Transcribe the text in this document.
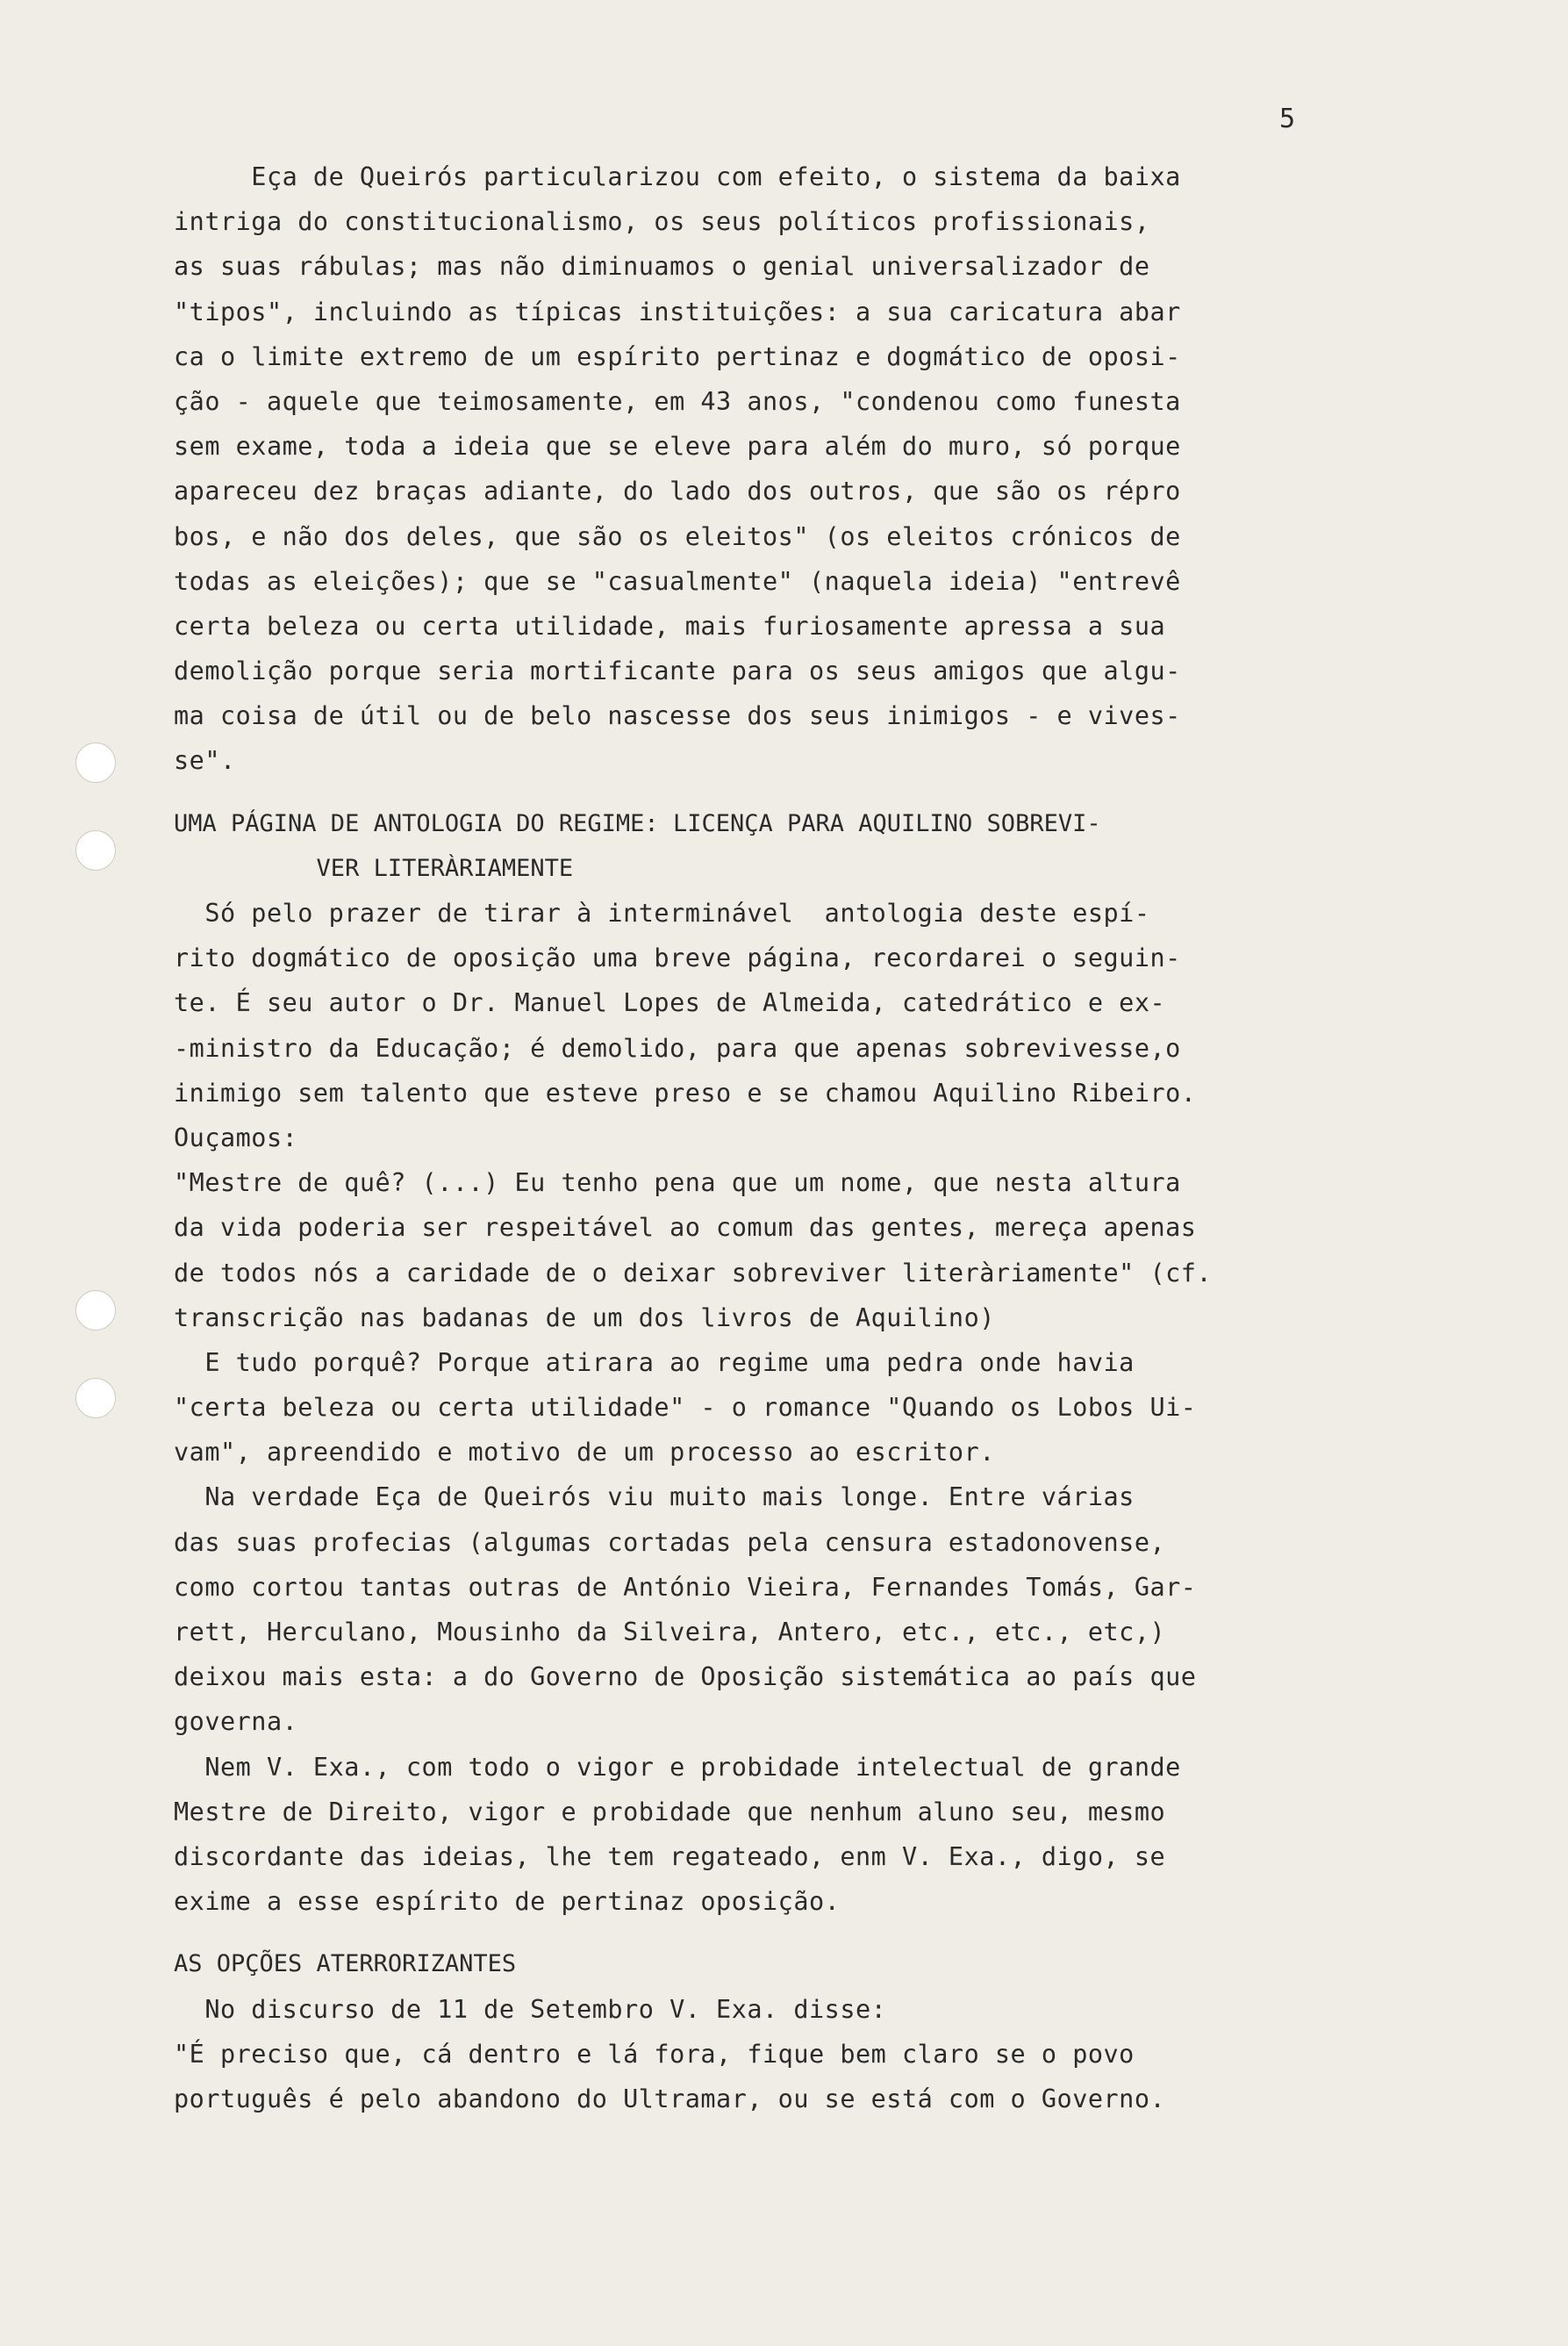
5
Eça de Queirós particularizou com efeito, o sistema da baixa
intriga do constitucionalismo, os seus políticos profissionais,
as suas rábulas; mas não diminuamos o genial universalizador de
"tipos", incluindo as típicas instituições: a sua caricatura abar
ca o limite extremo de um espírito pertinaz e dogmático de oposi-
ção - aquele que teimosamente, em 43 anos, "condenou como funesta
sem exame, toda a ideia que se eleve para além do muro, só porque
apareceu dez braças adiante, do lado dos outros, que são os répro
bos, e não dos deles, que são os eleitos" (os eleitos crónicos de
todas as eleições); que se "casualmente" (naquela ideia) "entrevê
certa beleza ou certa utilidade, mais furiosamente apressa a sua
demolição porque seria mortificante para os seus amigos que algu-
ma coisa de útil ou de belo nascesse dos seus inimigos - e vives-
se".
UMA PÁGINA DE ANTOLOGIA DO REGIME: LICENÇA PARA AQUILINO SOBREVI-
VER LITERÀRIAMENTE
Só pelo prazer de tirar à interminável  antologia deste espí-
rito dogmático de oposição uma breve página, recordarei o seguin-
te. É seu autor o Dr. Manuel Lopes de Almeida, catedrático e ex-
-ministro da Educação; é demolido, para que apenas sobrevivesse,o
inimigo sem talento que esteve preso e se chamou Aquilino Ribeiro.
Ouçamos:
"Mestre de quê? (...) Eu tenho pena que um nome, que nesta altura
da vida poderia ser respeitável ao comum das gentes, mereça apenas
de todos nós a caridade de o deixar sobreviver literàriamente" (cf.
transcrição nas badanas de um dos livros de Aquilino)
E tudo porquê? Porque atirara ao regime uma pedra onde havia
"certa beleza ou certa utilidade" - o romance "Quando os Lobos Ui-
vam", apreendido e motivo de um processo ao escritor.
Na verdade Eça de Queirós viu muito mais longe. Entre várias
das suas profecias (algumas cortadas pela censura estadonovense,
como cortou tantas outras de António Vieira, Fernandes Tomás, Gar-
rett, Herculano, Mousinho da Silveira, Antero, etc., etc., etc,)
deixou mais esta: a do Governo de Oposição sistemática ao país que
governa.
Nem V. Exa., com todo o vigor e probidade intelectual de grande
Mestre de Direito, vigor e probidade que nenhum aluno seu, mesmo
discordante das ideias, lhe tem regateado, enm V. Exa., digo, se
exime a esse espírito de pertinaz oposição.
AS OPÇÕES ATERRORIZANTES
No discurso de 11 de Setembro V. Exa. disse:
"É preciso que, cá dentro e lá fora, fique bem claro se o povo
português é pelo abandono do Ultramar, ou se está com o Governo.
